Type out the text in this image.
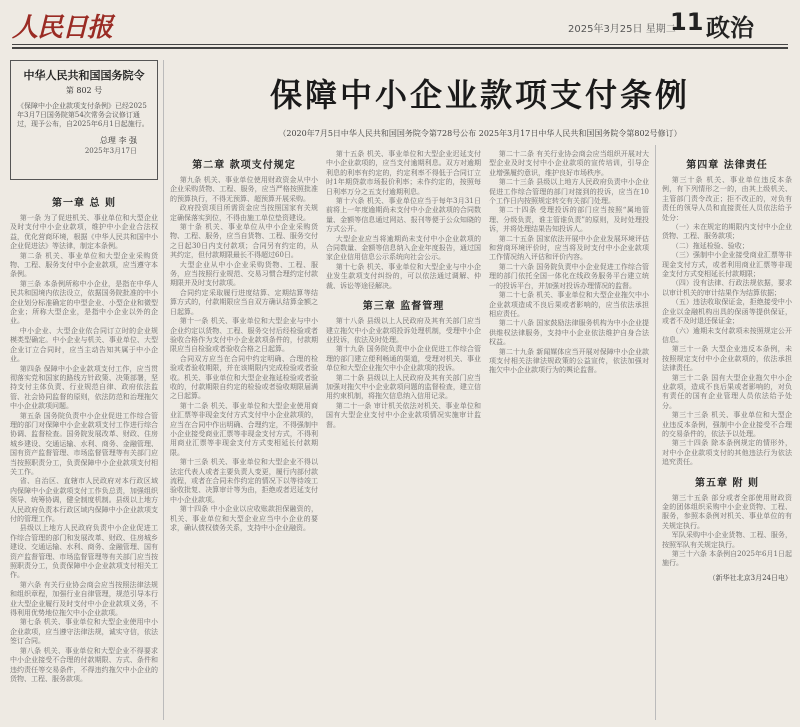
人民日报	2025年3月25日 星期二
11 政治
中华人民共和国国务院令
第 802 号
《保障中小企业款项支付条例》已经2025年3月7日国务院第54次常务会议修订通过，现予公布，自2025年6月1日起施行。
总理 李 强
2025年3月17日
保障中小企业款项支付条例
（2020年7月5日中华人民共和国国务院令第728号公布 2025年3月17日中华人民共和国国务院令第802号修订）
第一章 总 则

第一条 为了促进机关、事业单位和大型企业及时支付中小企业款项，维护中小企业合法权益，优化营商环境，根据《中华人民共和国中小企业促进法》等法律，制定本条例。

第二条 机关、事业单位和大型企业采购货物、工程、服务支付中小企业款项，应当遵守本条例。

第三条 本条例所称中小企业，是指在中华人民共和国境内依法设立，依据国务院批准的中小企业划分标准确定的中型企业、小型企业和微型企业；所称大型企业，是指中小企业以外的企业。

中小企业、大型企业依合同订立时的企业规模类型确定。中小企业与机关、事业单位、大型企业订立合同时，应当主动告知其属于中小企业。

第四条 保障中小企业款项支付工作，应当贯彻落实党和国家的路线方针政策、决策部署，坚持支付主体负责、行业规范自律、政府依法监管、社会协同监督的原则，依法防范和治理拖欠中小企业款项问题。

第五条 国务院负责中小企业促进工作综合管理的部门对保障中小企业款项支付工作进行综合协调、监督检查。国务院发展改革、财政、住房城乡建设、交通运输、水利、商务、金融管理、国有资产监督管理、市场监督管理等有关部门应当按照职责分工，负责保障中小企业款项支付相关工作。

省、自治区、直辖市人民政府对本行政区域内保障中小企业款项支付工作负总责，加强组织领导、统筹协调，健全制度机制。县级以上地方人民政府负责本行政区域内保障中小企业款项支付的管理工作。

县级以上地方人民政府负责中小企业促进工作综合管理的部门和发展改革、财政、住房城乡建设、交通运输、水利、商务、金融管理、国有资产监督管理、市场监督管理等有关部门应当按照职责分工，负责保障中小企业款项支付相关工作。

第六条 有关行业协会商会应当按照法律法规和组织章程，加强行业自律管理，规范引导本行业大型企业履行及时支付中小企业款项义务，不得利用优势地位拖欠中小企业款项。

第七条 机关、事业单位和大型企业使用中小企业款项，应当遵守法律法规，诚实守信，依法签订合同。

第八条 机关、事业单位和大型企业不得要求中小企业接受不合理的付款期限、方式、条件和违约责任等交易条件，不得违约拖欠中小企业的货物、工程、服务款项。

第二章 款项支付规定

第九条 机关、事业单位使用财政资金从中小企业采购货物、工程、服务，应当严格按照批准的预算执行，不得无预算、超预算开展采购。

政府投资项目所需资金应当按照国家有关规定确保落实到位，不得由施工单位垫资建设。

第十条 机关、事业单位从中小企业采购货物、工程、服务，应当自货物、工程、服务交付之日起30日内支付款项；合同另有约定的，从其约定，但付款期限最长不得超过60日。

大型企业从中小企业采购货物、工程、服务，应当按照行业规范、交易习惯合理约定付款期限并及时支付款项。

合同约定采取履行进度结算、定期结算等结算方式的，付款期限应当自双方确认结算金额之日起算。

第十一条 机关、事业单位和大型企业与中小企业约定以货物、工程、服务交付后经检验或者验收合格作为支付中小企业款项条件的，付款期限应当自检验或者验收合格之日起算。

合同双方应当在合同中约定明确、合理的检验或者验收期限，并在该期限内完成检验或者验收。机关、事业单位和大型企业拖延检验或者验收的，付款期限自约定的检验或者验收期限届满之日起算。

第十二条 机关、事业单位和大型企业使用商业汇票等非现金支付方式支付中小企业款项的，应当在合同中作出明确、合理约定，不得强制中小企业接受商业汇票等非现金支付方式，不得利用商业汇票等非现金支付方式变相延长付款期限。

第十三条 机关、事业单位和大型企业不得以法定代表人或者主要负责人变更，履行内部付款流程，或者在合同未作约定的情况下以等待竣工验收批复、决算审计等为由，拒绝或者迟延支付中小企业款项。

第十四条 中小企业以应收账款担保融资的，机关、事业单位和大型企业应当中小企业的要求，确认债权债务关系，支持中小企业融资。

第十五条 机关、事业单位和大型企业迟延支付中小企业款项的，应当支付逾期利息。双方对逾期利息的利率有约定的，约定利率不得低于合同订立时1年期贷款市场报价利率；未作约定的，按照每日利率万分之五支付逾期利息。

第十六条 机关、事业单位应当于每年3月31日前将上一年度逾期尚未支付中小企业款项的合同数量、金额等信息通过网站、报刊等便于公众知晓的方式公开。

大型企业应当将逾期尚未支付中小企业款项的合同数量、金额等信息纳入企业年度报告，通过国家企业信用信息公示系统向社会公示。

第十七条 机关、事业单位和大型企业与中小企业发生款项支付纠纷的，可以依法通过调解、仲裁、诉讼等途径解决。

第三章 监督管理

第十八条 县级以上人民政府及其有关部门应当建立拖欠中小企业款项投诉处理机制，受理中小企业投诉，依法及时处理。

第十九条 国务院负责中小企业促进工作综合管理的部门建立便利畅通的渠道，受理对机关、事业单位和大型企业拖欠中小企业款项的投诉。

第二十条 县级以上人民政府及其有关部门应当加强对拖欠中小企业款项问题的监督检查，建立信用约束机制，将拖欠信息纳入信用记录。

第二十一条 审计机关依法对机关、事业单位和国有大型企业支付中小企业款项情况实施审计监督。

第二十二条 有关行业协会商会应当组织开展对大型企业及时支付中小企业款项的宣传培训，引导企业增强履约意识，维护良好市场秩序。

第二十三条 县级以上地方人民政府负责中小企业促进工作综合管理的部门对接到的投诉，应当在10个工作日内按照规定转交有关部门处理。

第二十四条 受理投诉的部门应当按照“属地管理、分级负责，谁主管谁负责”的原则，及时处理投诉，并将处理结果告知投诉人。

第二十五条 国家依法开展中小企业发展环境评估和营商环境评价时，应当将及时支付中小企业款项工作情况纳入评估和评价内容。

第二十六条 国务院负责中小企业促进工作综合管理的部门依托全国一体化在线政务服务平台建立统一的投诉平台，并加强对投诉办理情况的监督。

第二十七条 机关、事业单位和大型企业拖欠中小企业款项造成不良后果或者影响的，应当依法承担相应责任。

第二十八条 国家鼓励法律服务机构为中小企业提供维权法律服务，支持中小企业依法维护自身合法权益。

第二十九条 新闻媒体应当开展对保障中小企业款项支付相关法律法规政策的公益宣传，依法加强对拖欠中小企业款项行为的舆论监督。

第四章 法律责任

第三十条 机关、事业单位违反本条例，有下列情形之一的，由其上级机关、主管部门责令改正；拒不改正的，对负有责任的领导人员和直接责任人员依法给予处分：

（一）未在规定的期限内支付中小企业货物、工程、服务款项；

（二）拖延检验、验收；

（三）强制中小企业接受商业汇票等非现金支付方式，或者利用商业汇票等非现金支付方式变相延长付款期限；

（四）没有法律、行政法规依据，要求以审计机关的审计结果作为结算依据；

（五）违法收取保证金，拒绝接受中小企业以金融机构出具的保函等提供保证，或者不及时退还保证金；

（六）逾期未支付款项未按照规定公开信息。

第三十一条 大型企业违反本条例，未按照规定支付中小企业款项的，依法承担法律责任。

第三十二条 国有大型企业拖欠中小企业款项，造成不良后果或者影响的，对负有责任的国有企业管理人员依法给予处分。

第三十三条 机关、事业单位和大型企业违反本条例，强制中小企业接受不合理的交易条件的，依法予以处理。

第三十四条 除本条例规定的情形外，对中小企业款项支付的其他违法行为依法追究责任。

第五章 附 则

第三十五条 部分或者全部使用财政资金的团体组织采购中小企业货物、工程、服务，参照本条例对机关、事业单位的有关规定执行。

军队采购中小企业货物、工程、服务，按照军队有关规定执行。

第三十六条 本条例自2025年6月1日起施行。

（新华社北京3月24日电）
